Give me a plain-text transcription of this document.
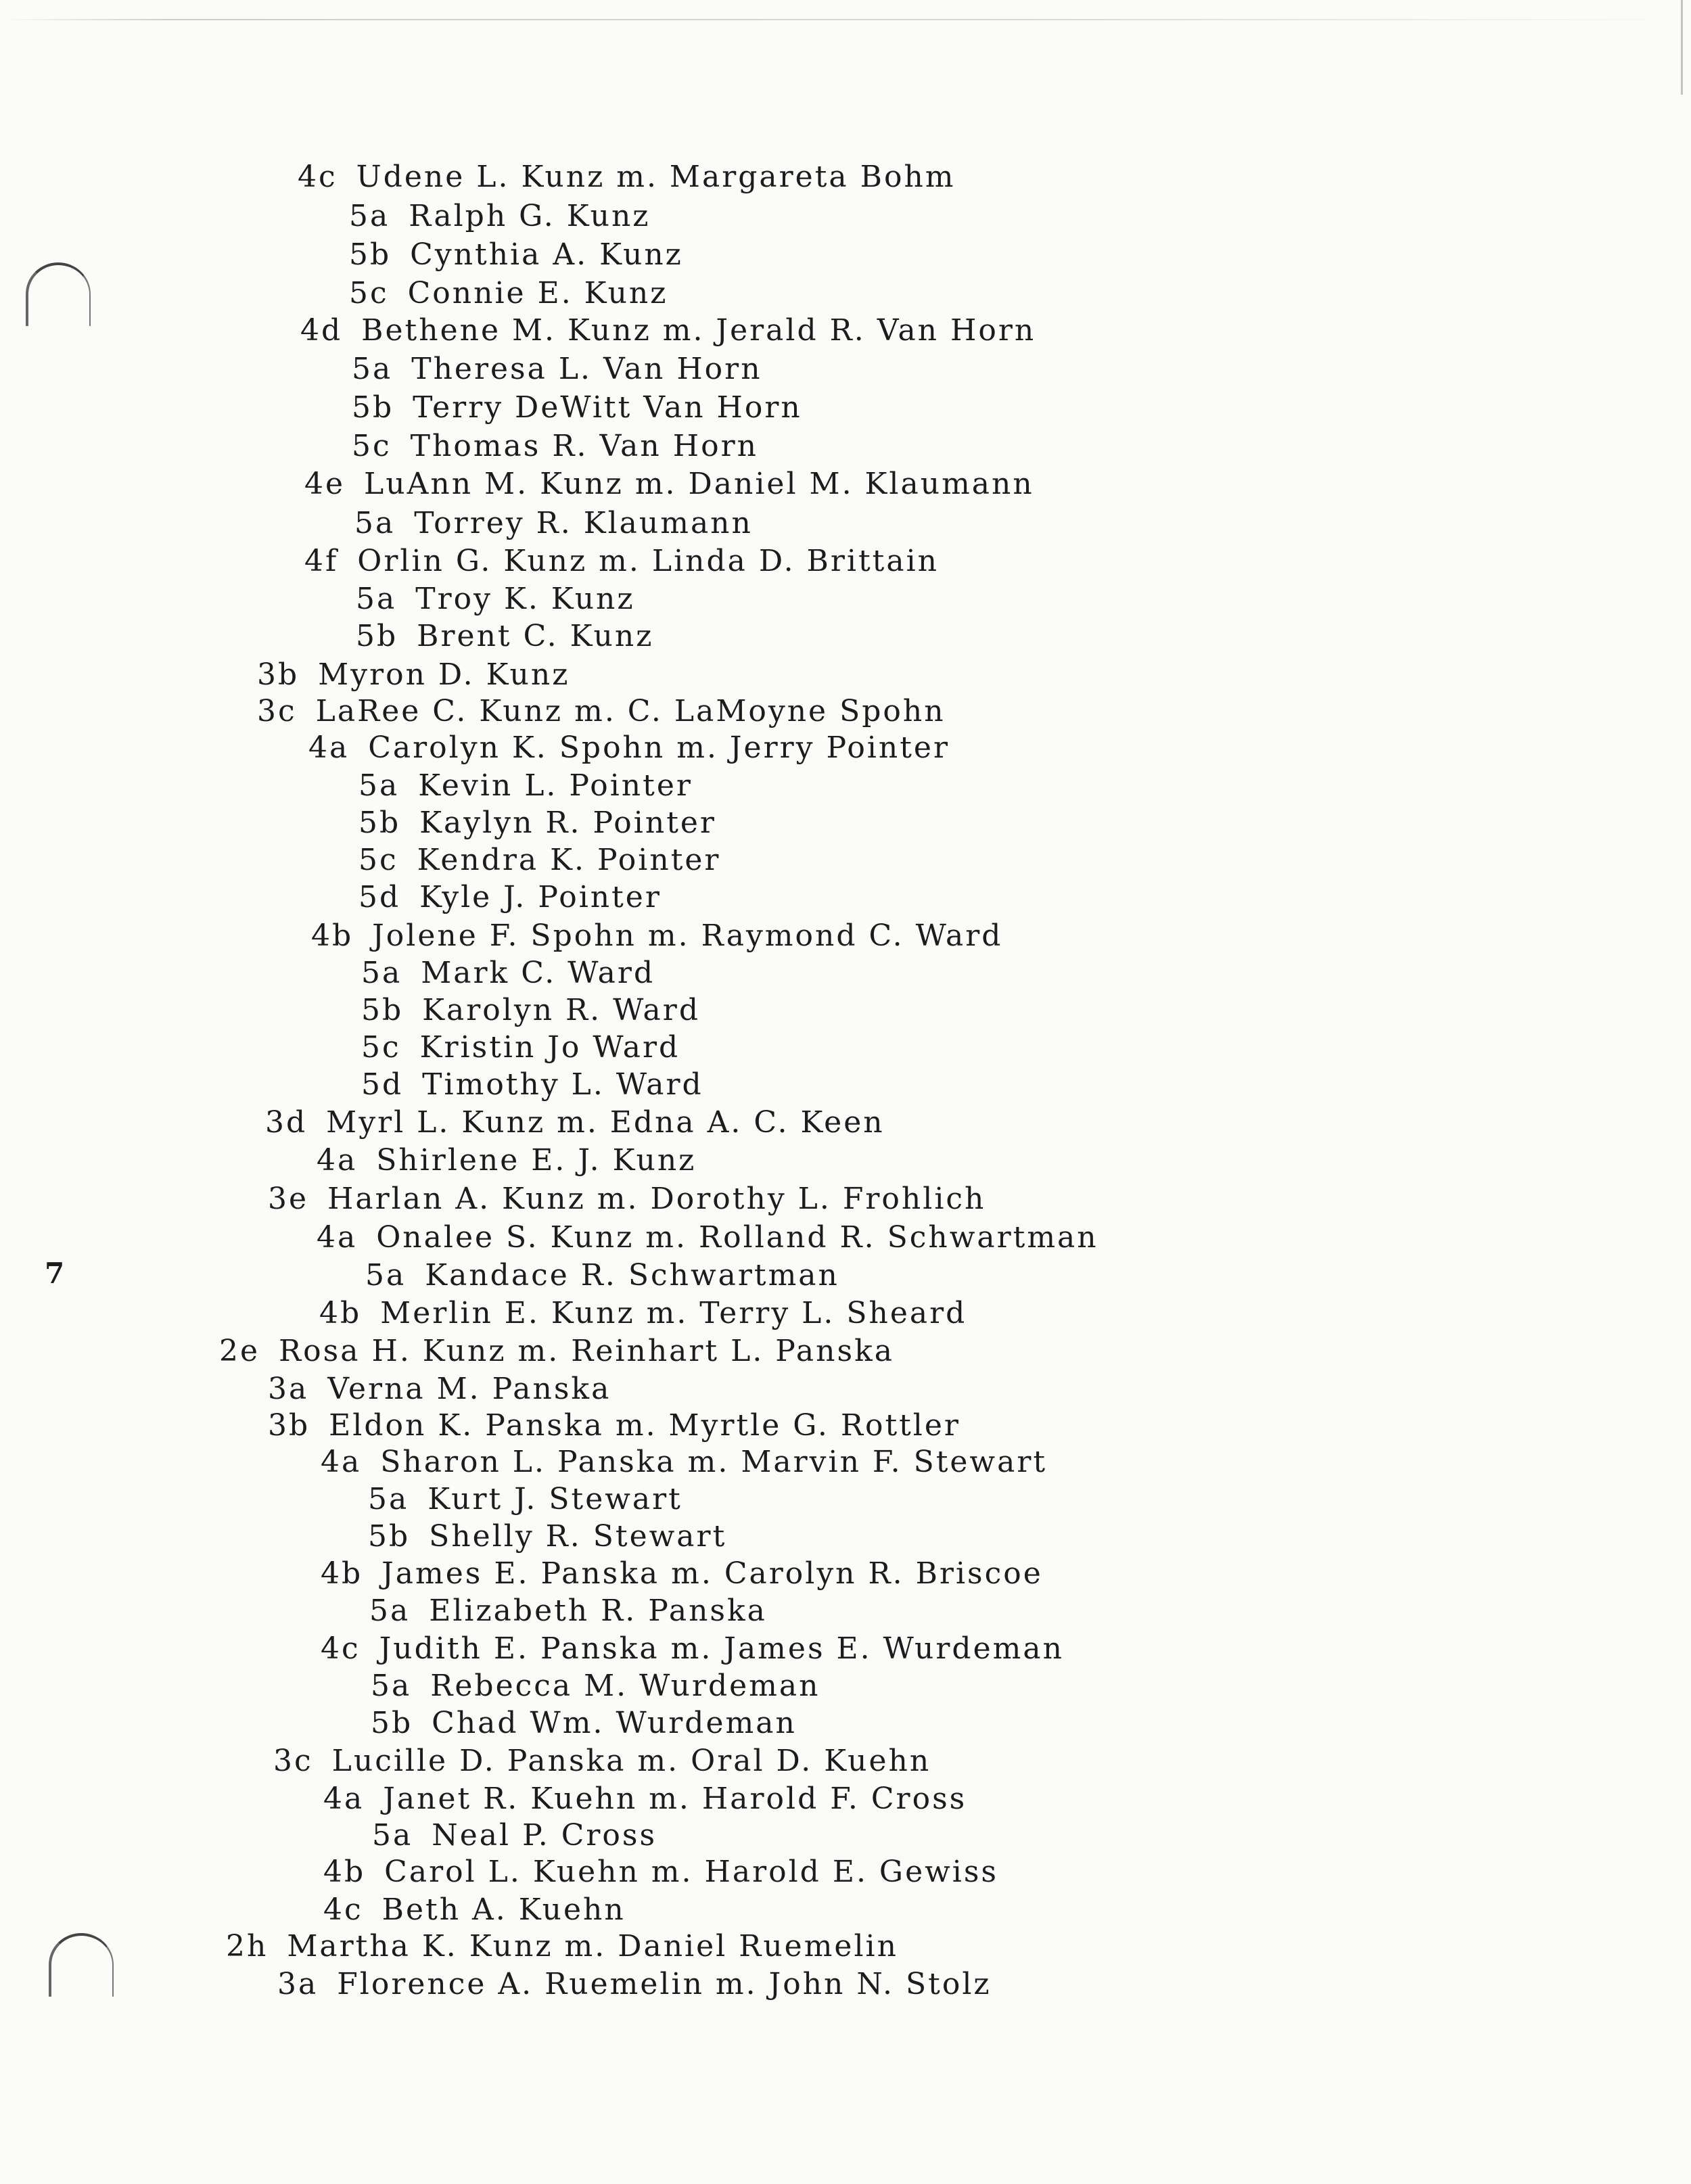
7
4c Udene L. Kunz m. Margareta Bohm
5a Ralph G. Kunz
5b Cynthia A. Kunz
5c Connie E. Kunz
4d Bethene M. Kunz m. Jerald R. Van Horn
5a Theresa L. Van Horn
5b Terry DeWitt Van Horn
5c Thomas R. Van Horn
4e LuAnn M. Kunz m. Daniel M. Klaumann
5a Torrey R. Klaumann
4f Orlin G. Kunz m. Linda D. Brittain
5a Troy K. Kunz
5b Brent C. Kunz
3b Myron D. Kunz
3c LaRee C. Kunz m. C. LaMoyne Spohn
4a Carolyn K. Spohn m. Jerry Pointer
5a Kevin L. Pointer
5b Kaylyn R. Pointer
5c Kendra K. Pointer
5d Kyle J. Pointer
4b Jolene F. Spohn m. Raymond C. Ward
5a Mark C. Ward
5b Karolyn R. Ward
5c Kristin Jo Ward
5d Timothy L. Ward
3d Myrl L. Kunz m. Edna A. C. Keen
4a Shirlene E. J. Kunz
3e Harlan A. Kunz m. Dorothy L. Frohlich
4a Onalee S. Kunz m. Rolland R. Schwartman
5a Kandace R. Schwartman
4b Merlin E. Kunz m. Terry L. Sheard
2e Rosa H. Kunz m. Reinhart L. Panska
3a Verna M. Panska
3b Eldon K. Panska m. Myrtle G. Rottler
4a Sharon L. Panska m. Marvin F. Stewart
5a Kurt J. Stewart
5b Shelly R. Stewart
4b James E. Panska m. Carolyn R. Briscoe
5a Elizabeth R. Panska
4c Judith E. Panska m. James E. Wurdeman
5a Rebecca M. Wurdeman
5b Chad Wm. Wurdeman
3c Lucille D. Panska m. Oral D. Kuehn
4a Janet R. Kuehn m. Harold F. Cross
5a Neal P. Cross
4b Carol L. Kuehn m. Harold E. Gewiss
4c Beth A. Kuehn
2h Martha K. Kunz m. Daniel Ruemelin
3a Florence A. Ruemelin m. John N. Stolz
